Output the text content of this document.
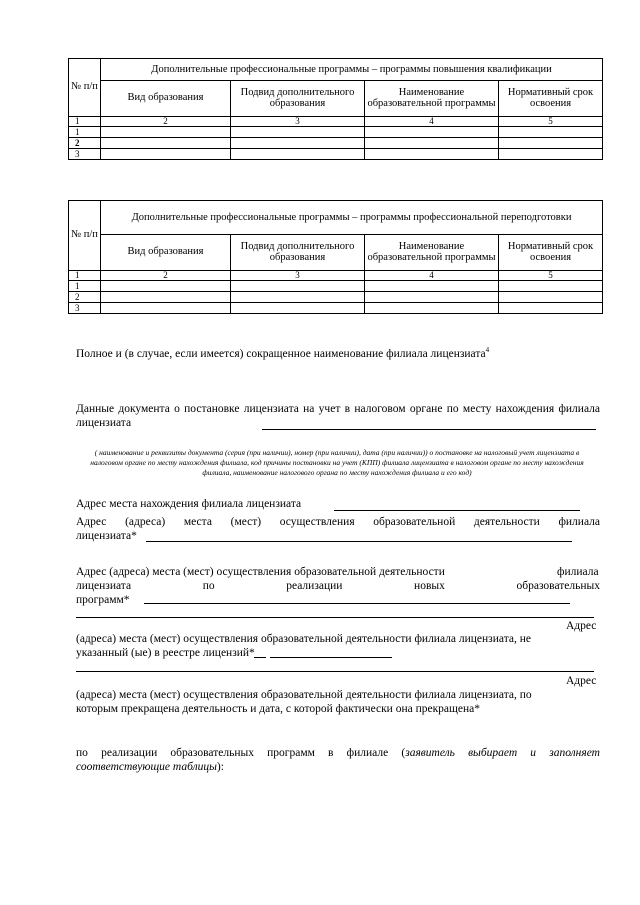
№ п/п	Дополнительные профессиональные программы – программы повышения квалификации			
	Вид образования	Подвид дополнительного образования	Наименование образовательной программы	Нормативный срок освоения
1	2	3	4	5
1				
2				
3				
№ п/п	Дополнительные профессиональные программы – программы профессиональной переподготовки			
	Вид образования	Подвид дополнительного образования	Наименование образовательной программы	Нормативный срок освоения
1	2	3	4	5
1				
2				
3				
Полное и (в случае, если имеется) сокращенное наименование филиала лицензиата$^4$
Данные документа о постановке лицензиата на учет в налоговом органе по месту нахождения филиала лицензиата
( наименование и реквизиты документа (серия (при наличии), номер (при наличии), дата (при наличии)) о постановке на налоговый учет лицензиата в налоговом органе по месту нахождения филиала, код причины постановки на учет (КПП) филиала лицензиата в налоговом органе по месту нахождения филиала, наименование налогового органа по месту нахождения филиала и его код)
Адрес места нахождения филиала лицензиата
Адрес (адреса) места (мест) осуществления образовательной деятельности филиала
лицензиата*
Адрес (адреса) места (мест) осуществления образовательной деятельности	филиала
лицензиата по реализации новых образовательных
программ*
Адрес
(адреса) места (мест) осуществления образовательной деятельности филиала лицензиата, не
указанный (ые) в реестре лицензий*
Адрес
(адреса) места (мест) осуществления образовательной деятельности филиала лицензиата, по
которым прекращена деятельность и дата, с которой фактически она прекращена*
по реализации образовательных программ в филиале (заявитель выбирает и заполняет
соответствующие таблицы):
